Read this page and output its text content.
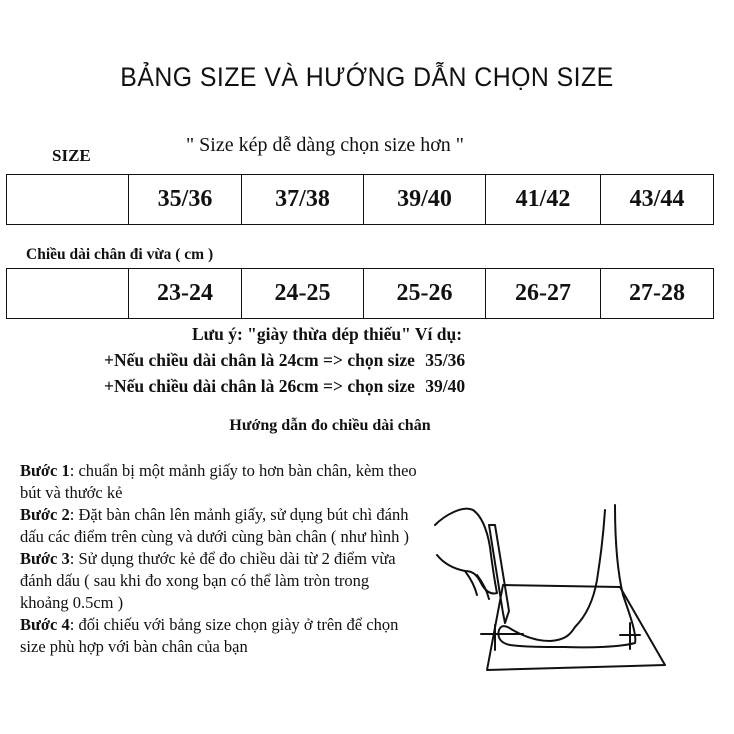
BẢNG SIZE VÀ HƯỚNG DẪN CHỌN SIZE
SIZE	" Size kép dễ dàng chọn size hơn "
	35/36	37/38	39/40	41/42	43/44
Chiều dài chân đi vừa ( cm )
	23-24	24-25	25-26	26-27	27-28
Lưu ý: "giày thừa dép thiếu" Ví dụ:
+Nếu chiều dài chân là 24cm => chọn size 35/36
+Nếu chiều dài chân là 26cm => chọn size 39/40
Hướng dẫn đo chiều dài chân

Bước 1: chuẩn bị một mảnh giấy to hơn bàn chân, kèm theo bút và thước kẻ

Bước 2: Đặt bàn chân lên mảnh giấy, sử dụng bút chì đánh dấu các điểm trên cùng và dưới cùng bàn chân ( như hình )

Bước 3: Sử dụng thước kẻ để đo chiều dài từ 2 điểm vừa đánh dấu ( sau khi đo xong bạn có thể làm tròn trong khoảng 0.5cm )

Bước 4: đối chiếu với bảng size chọn giày ở trên để chọn size phù hợp với bàn chân của bạn
